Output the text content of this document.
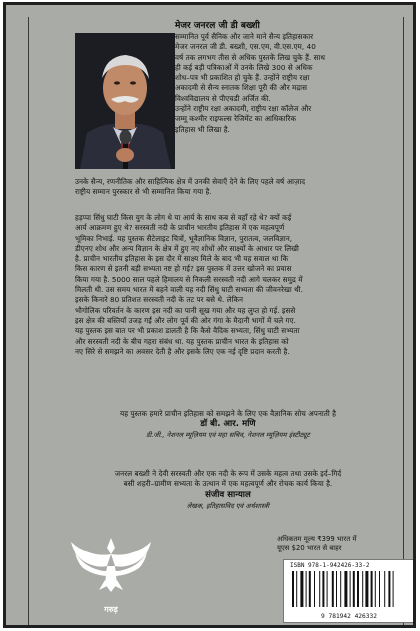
मेजर जनरल जी डी बख्शी
सम्मानित पूर्व सैनिक और जाने माने सैन्य इतिहासकार
मेजर जनरल जी डी. बख्शी, एस.एम, वी.एस.एम, 40
वर्ष तक लगभग तीस से अधिक पुस्तकें लिख चुके हैं. साथ
ही कई बड़ी पत्रिकाओं में उनके लिखे 300 से अधिक
शोध–पत्र भी प्रकाशित हो चुके हैं. उन्होंने राष्ट्रीय रक्षा
अकादमी से सैन्य स्नातक शिक्षा पूरी की और मद्रास
विश्वविद्यालय से पीएचडी अर्जित की.
उन्होंने राष्ट्रीय रक्षा अकादमी, राष्ट्रीय रक्षा कॉलेज और
जम्मू कश्मीर राइफल्स रेजिमेंट का आधिकारिक
इतिहास भी लिखा है.
उनके सैन्य, रणनीतिक और साहित्यिक क्षेत्र में उनकी सेवाएँ देने के लिए पहले वर्ष आज़ाद
राष्ट्रीय सम्मान पुरस्कार से भी सम्मानित किया गया है.
हड़प्पा सिंधु घाटी किस युग के लोग थे या आर्य के साथ कब से वहाँ रहे थे? क्यों कई
आर्य आक्रमण हुए थे? सरस्वती नदी के प्राचीन भारतीय इतिहास में एक महत्वपूर्ण
भूमिका निभाई. यह पुस्तक सैटेलाइट चित्रों, भूवैज्ञानिक विज्ञान, पुरातत्व, जलविज्ञान,
डीएनए शोध और अन्य विज्ञान के क्षेत्र में हुए नए शोधों और साक्ष्यों के आधार पर लिखी
है. प्राचीन भारतीय इतिहास के इस दौर में साक्ष्य मिले के बाद भी यह सवाल था कि
किस कारण से इतनी बड़ी सभ्यता नष्ट हो गई? इस पुस्तक में उत्तर खोजने का प्रयास
किया गया है. 5000 साल पहले हिमालय से निकली सरस्वती नदी आगे चलकर समुद्र में
मिलती थी. उस समय भारत में बहने वाली यह नदी सिंधु घाटी सभ्यता की जीवनरेखा थी.
इसके किनारे 80 प्रतिशत सरस्वती नदी के तट पर बसे थे. लेकिन
भौगोलिक परिवर्तन के कारण इस नदी का पानी सूख गया और यह लुप्त हो गई. इससे
इस क्षेत्र की बस्तियाँ उजड़ गईं और लोग पूर्व की ओर गंगा के मैदानी भागों में चले गए.
यह पुस्तक इस बात पर भी प्रकाश डालती है कि कैसे वैदिक सभ्यता, सिंधु घाटी सभ्यता
और सरस्वती नदी के बीच गहरा संबंध था. यह पुस्तक प्राचीन भारत के इतिहास को
नए सिरे से समझने का अवसर देती है और इसके लिए एक नई दृष्टि प्रदान करती है.
यह पुस्तक हमारे प्राचीन इतिहास को समझने के लिए एक वैज्ञानिक सोच अपनाती है
डॉ बी. आर. मणि
डी.जी., नेशनल म्यूज़ियम एवं महा सचिव, नेशनल म्यूज़ियम इंस्टीट्यूट
जनरल बख्शी ने देवी सरस्वती और एक नदी के रूप में उसके महत्व तथा उसके इर्द–गिर्द
बसी शहरी–ग्रामीण सभ्यता के उत्थान में एक महत्वपूर्ण और रोचक कार्य किया है.
संजीव सान्याल
लेखक, इतिहासविद एवं अर्थशास्त्री
गरुड़
अधिकतम मूल्य ₹399 भारत में
यूएस $20 भारत से बाहर
ISBN 978-1-942426-33-2
9 781942 426332
